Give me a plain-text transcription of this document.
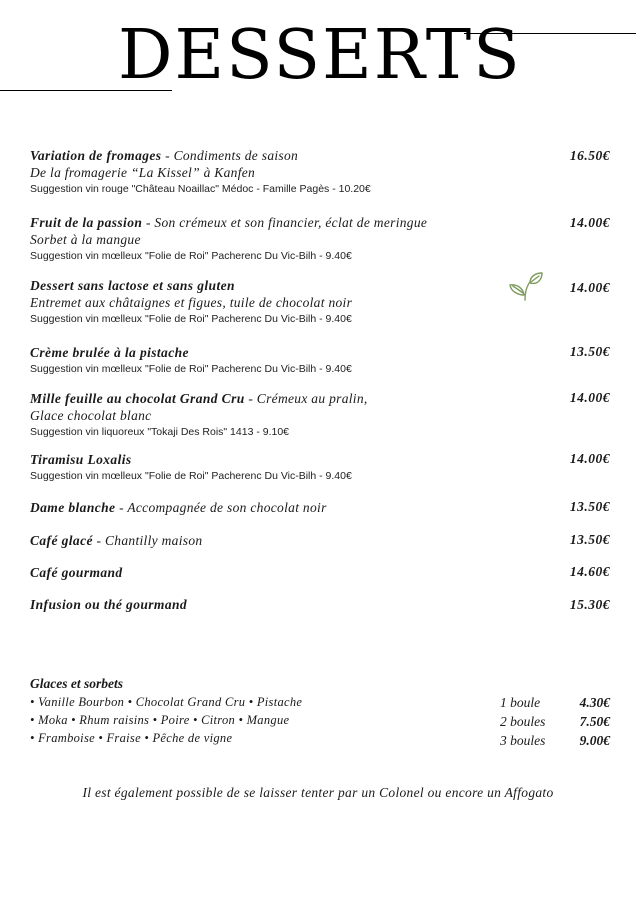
DESSERTS
Variation de fromages - Condiments de saison
De la fromagerie “La Kissel” à Kanfen
Suggestion vin rouge "Château Noaillac" Médoc - Famille Pagès - 10.20€
16.50€
Fruit de la passion - Son crémeux et son financier, éclat de meringue
Sorbet à la mangue
Suggestion vin mœlleux "Folie de Roi" Pacherenc Du Vic-Bilh - 9.40€
14.00€
Dessert sans lactose et sans gluten
Entremet aux châtaignes et figues, tuile de chocolat noir
Suggestion vin mœlleux "Folie de Roi" Pacherenc Du Vic-Bilh - 9.40€
14.00€
Crème brulée à la pistache
Suggestion vin mœlleux "Folie de Roi" Pacherenc Du Vic-Bilh - 9.40€
13.50€
Mille feuille au chocolat Grand Cru - Crémeux au pralin,
Glace chocolat blanc
Suggestion vin liquoreux "Tokaji Des Rois" 1413 - 9.10€
14.00€
Tiramisu Loxalis
Suggestion vin mœlleux "Folie de Roi" Pacherenc Du Vic-Bilh - 9.40€
14.00€
Dame blanche - Accompagnée de son chocolat noir	13.50€
Café glacé - Chantilly maison	13.50€
Café gourmand	14.60€
Infusion ou thé gourmand	15.30€
Glaces et sorbets
• Vanille Bourbon • Chocolat Grand Cru • Pistache
• Moka • Rhum raisins • Poire • Citron • Mangue
• Framboise • Fraise • Pêche de vigne
1 boule	4.30€
2 boules	7.50€
3 boules	9.00€
Il est également possible de se laisser tenter par un Colonel ou encore un Affogato
